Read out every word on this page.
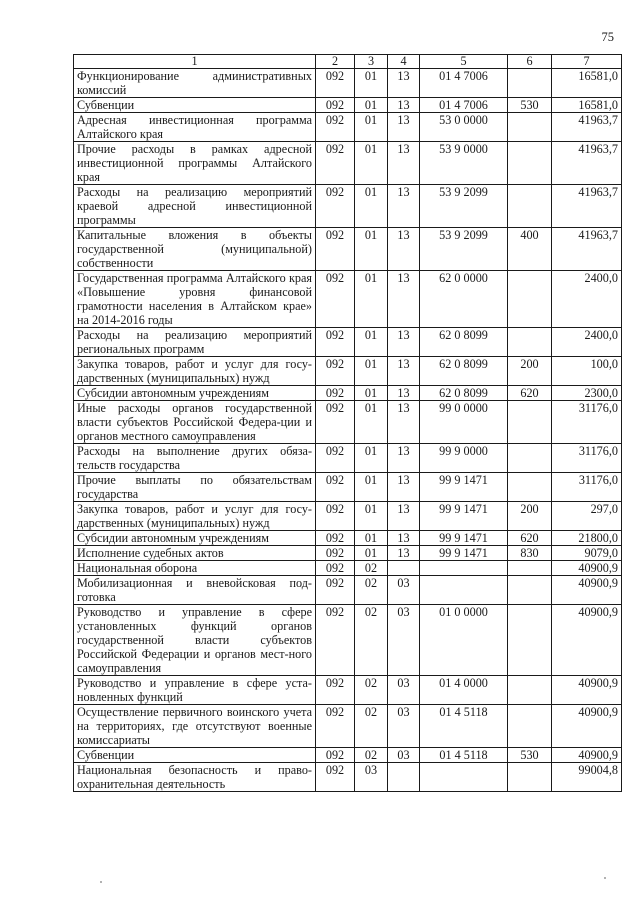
75
1	2	3	4	5	6	7
Функционирование административных комиссий	092	01	13	01 4 7006		16581,0
Субвенции	092	01	13	01 4 7006	530	16581,0
Адресная инвестиционная программа Алтайского края	092	01	13	53 0 0000		41963,7
Прочие расходы в рамках адресной инвестиционной программы Алтайского края	092	01	13	53 9 0000		41963,7
Расходы на реализацию мероприятий краевой адресной инвестиционной программы	092	01	13	53 9 2099		41963,7
Капитальные вложения в объекты государственной (муниципальной) собственности	092	01	13	53 9 2099	400	41963,7
Государственная программа Алтайского края «Повышение уровня финансовой грамотности населения в Алтайском крае» на 2014-2016 годы	092	01	13	62 0 0000		2400,0
Расходы на реализацию мероприятий региональных программ	092	01	13	62 0 8099		2400,0
Закупка товаров, работ и услуг для госу-дарственных (муниципальных) нужд	092	01	13	62 0 8099	200	100,0
Субсидии автономным учреждениям	092	01	13	62 0 8099	620	2300,0
Иные расходы органов государственной власти субъектов Российской Федера-ции и органов местного самоуправления	092	01	13	99 0 0000		31176,0
Расходы на выполнение других обяза-тельств государства	092	01	13	99 9 0000		31176,0
Прочие выплаты по обязательствам государства	092	01	13	99 9 1471		31176,0
Закупка товаров, работ и услуг для госу-дарственных (муниципальных) нужд	092	01	13	99 9 1471	200	297,0
Субсидии автономным учреждениям	092	01	13	99 9 1471	620	21800,0
Исполнение судебных актов	092	01	13	99 9 1471	830	9079,0
Национальная оборона	092	02				40900,9
Мобилизационная и вневойсковая под-готовка	092	02	03			40900,9
Руководство и управление в сфере установленных функций органов государственной власти субъектов Российской Федерации и органов мест-ного самоуправления	092	02	03	01 0 0000		40900,9
Руководство и управление в сфере уста-новленных функций	092	02	03	01 4 0000		40900,9
Осуществление первичного воинского учета на территориях, где отсутствуют военные комиссариаты	092	02	03	01 4 5118		40900,9
Субвенции	092	02	03	01 4 5118	530	40900,9
Национальная безопасность и право-охранительная деятельность	092	03				99004,8
